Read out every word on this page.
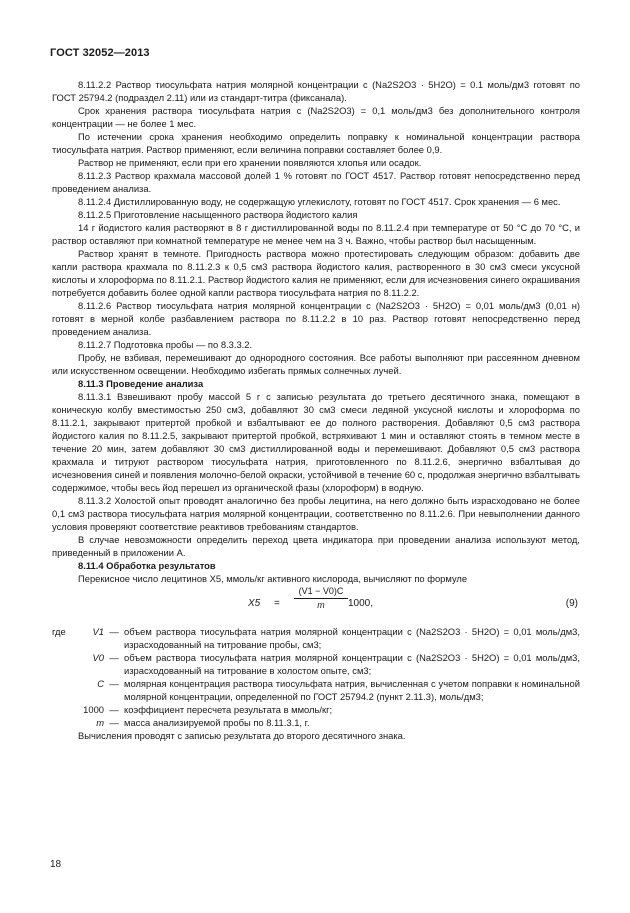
ГОСТ 32052—2013

8.11.2.2 Раствор тиосульфата натрия молярной концентрации c (Na2S2O3 · 5H2O) = 0.1 моль/дм3 готовят по ГОСТ 25794.2 (подраздел 2.11) или из стандарт-титра (фиксанала).

Срок хранения раствора тиосульфата натрия c (Na2S2O3) = 0,1 моль/дм3 без дополнительного контроля концентрации — не более 1 мес.

По истечении срока хранения необходимо определить поправку к номинальной концентрации раствора тиосульфата натрия. Раствор применяют, если величина поправки составляет более 0,9.

Раствор не применяют, если при его хранении появляются хлопья или осадок.

8.11.2.3 Раствор крахмала массовой долей 1 % готовят по ГОСТ 4517. Раствор готовят непосредственно перед проведением анализа.

8.11.2.4 Дистиллированную воду, не содержащую углекислоту, готовят по ГОСТ 4517. Срок хранения — 6 мес.

8.11.2.5 Приготовление насыщенного раствора йодистого калия

14 г йодистого калия растворяют в 8 г дистиллированной воды по 8.11.2.4 при температуре от 50 °С до 70 °С, и раствор оставляют при комнатной температуре не менее чем на 3 ч. Важно, чтобы раствор был насыщенным.

Раствор хранят в темноте. Пригодность раствора можно протестировать следующим образом: добавить две капли раствора крахмала по 8.11.2.3 к 0,5 см3 раствора йодистого калия, растворенного в 30 см3 смеси уксусной кислоты и хлороформа по 8.11.2.1. Раствор йодистого калия не применяют, если для исчезновения синего окрашивания потребуется добавить более одной капли раствора тиосульфата натрия по 8.11.2.2.

8.11.2.6 Раствор тиосульфата натрия молярной концентрации c (Na2S2O3 · 5H2O) = 0,01 моль/дм3 (0,01 н) готовят в мерной колбе разбавлением раствора по 8.11.2.2 в 10 раз. Раствор готовят непосредственно перед проведением анализа.

8.11.2.7 Подготовка пробы — по 8.3.3.2.

Пробу, не взбивая, перемешивают до однородного состояния. Все работы выполняют при рассеянном дневном или искусственном освещении. Необходимо избегать прямых солнечных лучей.

8.11.3 Проведение анализа

8.11.3.1 Взвешивают пробу массой 5 г с записью результата до третьего десятичного знака, помещают в коническую колбу вместимостью 250 см3, добавляют 30 см3 смеси ледяной уксусной кислоты и хлороформа по 8.11.2.1, закрывают притертой пробкой и взбалтывают ее до полного растворения. Добавляют 0,5 см3 раствора йодистого калия по 8.11.2.5, закрывают притертой пробкой, встряхивают 1 мин и оставляют стоять в темном месте в течение 20 мин, затем добавляют 30 см3 дистиллированной воды и перемешивают. Добавляют 0,5 см3 раствора крахмала и титруют раствором тиосульфата натрия, приготовленного по 8.11.2.6, энергично взбалтывая до исчезновения синей и появления молочно-белой окраски, устойчивой в течение 60 с, продолжая энергично взбалтывать содержимое, чтобы весь йод перешел из органической фазы (хлороформ) в водную.

8.11.3.2 Холостой опыт проводят аналогично без пробы лецитина, на него должно быть израсходовано не более 0,1 см3 раствора тиосульфата натрия молярной концентрации, соответственно по 8.11.2.6. При невыполнении данного условия проверяют соответствие реактивов требованиям стандартов.

В случае невозможности определить переход цвета индикатора при проведении анализа используют метод, приведенный в приложении А.

8.11.4 Обработка результатов

Перекисное число лецитинов X5, ммоль/кг активного кислорода, вычисляют по формуле

$X5 = \frac{(V1 - V0)C}{m} 1000$,	(9)
где	V1 — объем раствора тиосульфата натрия молярной концентрации c (Na2S2O3 · 5H2O) = 0,01 моль/дм3, израсходованный на титрование пробы, см3;
V0 — объем раствора тиосульфата натрия молярной концентрации c (Na2S2O3 · 5H2O) = 0,01 моль/дм3, израсходованный на титрование в холостом опыте, см3;
C — молярная концентрация раствора тиосульфата натрия, вычисленная с учетом поправки к номинальной молярной концентрации, определенной по ГОСТ 25794.2 (пункт 2.11.3), моль/дм3;
1000 — коэффициент пересчета результата в ммоль/кг;
m — масса анализируемой пробы по 8.11.3.1, г.

Вычисления проводят с записью результата до второго десятичного знака.

18
